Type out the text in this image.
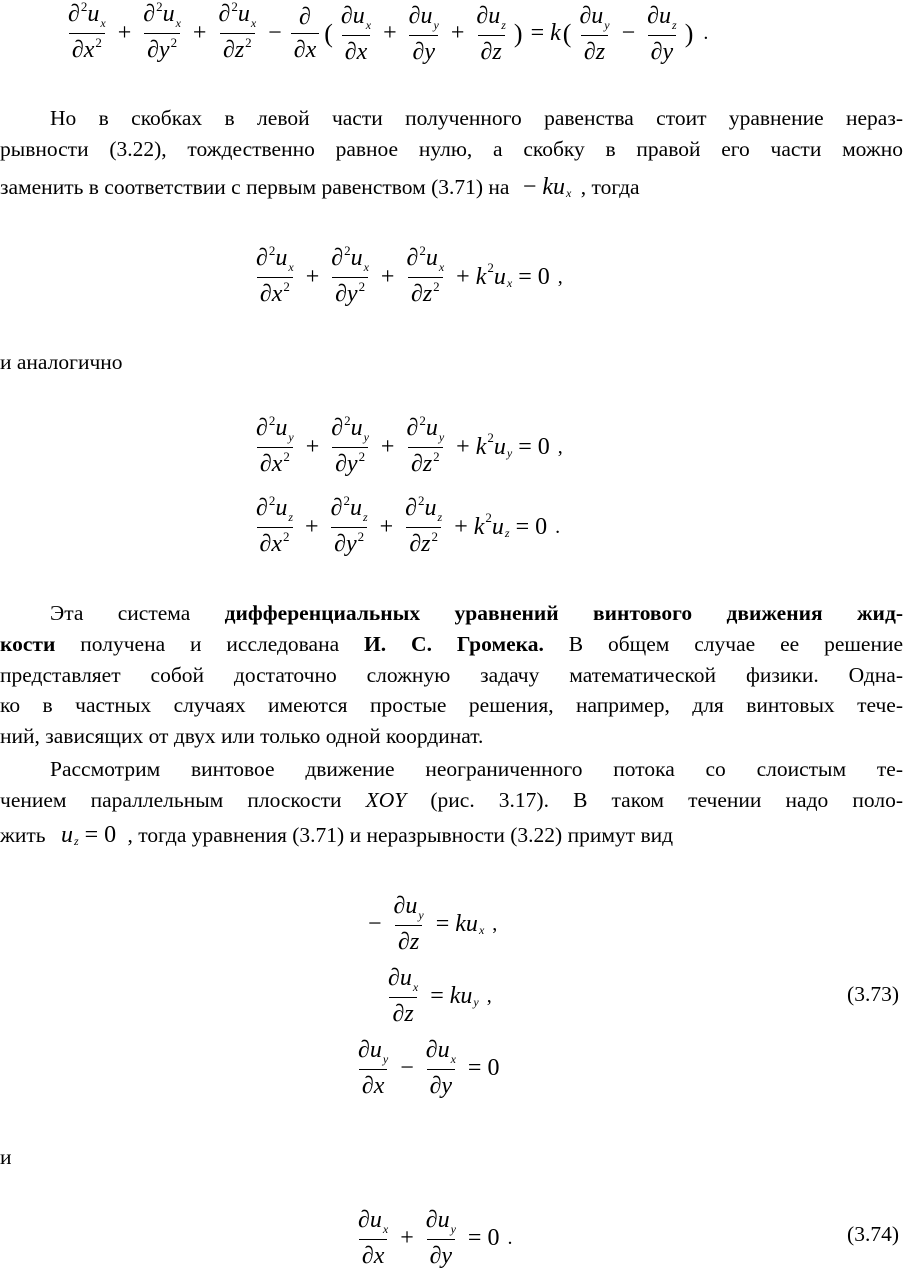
$\frac{\partial^2u_x}{\partial x^2} + \frac{\partial^2u_x}{\partial y^2} + \frac{\partial^2u_x}{\partial z^2} - \frac{\partial}{\partial x}$ ( $\frac{\partial u_x}{\partial x} + \frac{\partial u_y}{\partial y} + \frac{\partial u_z}{\partial z}$ ) = k ( $\frac{\partial u_y}{\partial z} - \frac{\partial u_z}{\partial y}$ ) .
Но в скобках в левой части полученного равенства стоит уравнение нераз-
рывности (3.22), тождественно равное нулю, а скобку в правой его части можно
заменить в соответствии с первым равенством (3.71) на − ku x , тогда
$\frac{\partial^2u_x}{\partial x^2} + \frac{\partial^2u_x}{\partial y^2} + \frac{\partial^2u_x}{\partial z^2} + k$ 2 u x = 0 ,
и аналогично
$\frac{\partial^2u_y}{\partial x^2} + \frac{\partial^2u_y}{\partial y^2} + \frac{\partial^2u_y}{\partial z^2} + k$ 2 u y = 0 ,
$\frac{\partial^2u_z}{\partial x^2} + \frac{\partial^2u_z}{\partial y^2} + \frac{\partial^2u_z}{\partial z^2} + k$ 2 u z = 0 .
Эта система дифференциальных уравнений винтового движения жид-
кости получена и исследована И. С. Громека. В общем случае ее решение
представляет собой достаточно сложную задачу математической физики. Одна-
ко в частных случаях имеются простые решения, например, для винтовых тече-
ний, зависящих от двух или только одной координат.
Рассмотрим винтовое движение неограниченного потока со слоистым те-
чением параллельным плоскости XOY (рис. 3.17). В таком течении надо поло-
жить u z = 0 , тогда уравнения (3.71) и неразрывности (3.22) примут вид
− $\frac{\partial u_y}{\partial z}$ = ku x ,
$\frac{\partial u_x}{\partial z}$ = ku y ,	(3.73)
$\frac{\partial u_y}{\partial x} - \frac{\partial u_x}{\partial y} = 0$
и
$\frac{\partial u_x}{\partial x} + \frac{\partial u_y}{\partial y} = 0$ .	(3.74)
